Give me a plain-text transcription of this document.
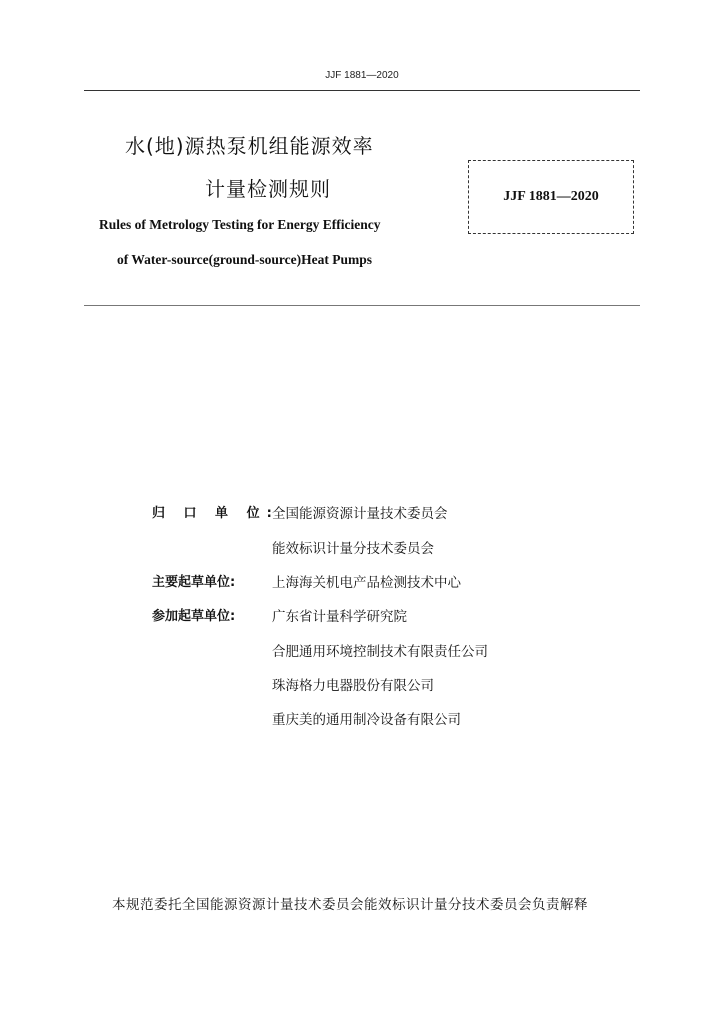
JJF 1881—2020
水(地)源热泵机组能源效率
计量检测规则
Rules of Metrology Testing for Energy Efficiency
of Water-source(ground-source)Heat Pumps
JJF 1881—2020
归 口 单 位:
全国能源资源计量技术委员会
能效标识计量分技术委员会
主要起草单位:	上海海关机电产品检测技术中心
参加起草单位:	广东省计量科学研究院
合肥通用环境控制技术有限责任公司
珠海格力电器股份有限公司
重庆美的通用制冷设备有限公司
本规范委托全国能源资源计量技术委员会能效标识计量分技术委员会负责解释
